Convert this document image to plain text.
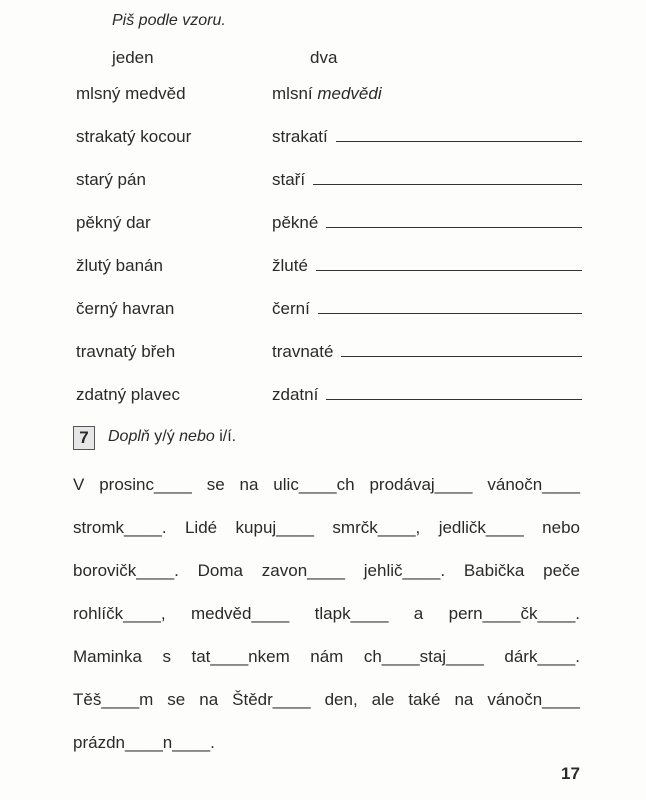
Piš podle vzoru.
jeden	dva
mlsný medvěd	mlsní medvědi
strakatý kocour	strakatí
starý pán	staří
pěkný dar	pěkné
žlutý banán	žluté
černý havran	černí
travnatý břeh	travnaté
zdatný plavec	zdatní
7	Doplň y/ý nebo i/í.
V prosinc____ se na ulic____ch prodávaj____ vánočn____
stromk____. Lidé kupuj____ smrčk____, jedličk____ nebo
borovičk____. Doma zavon____ jehlič____. Babička peče
rohlíčk____, medvěd____ tlapk____ a pern____čk____.
Maminka s tat____nkem nám ch____staj____ dárk____.
Těš____m se na Štědr____ den, ale také na vánočn____
prázdn____n____.
17
